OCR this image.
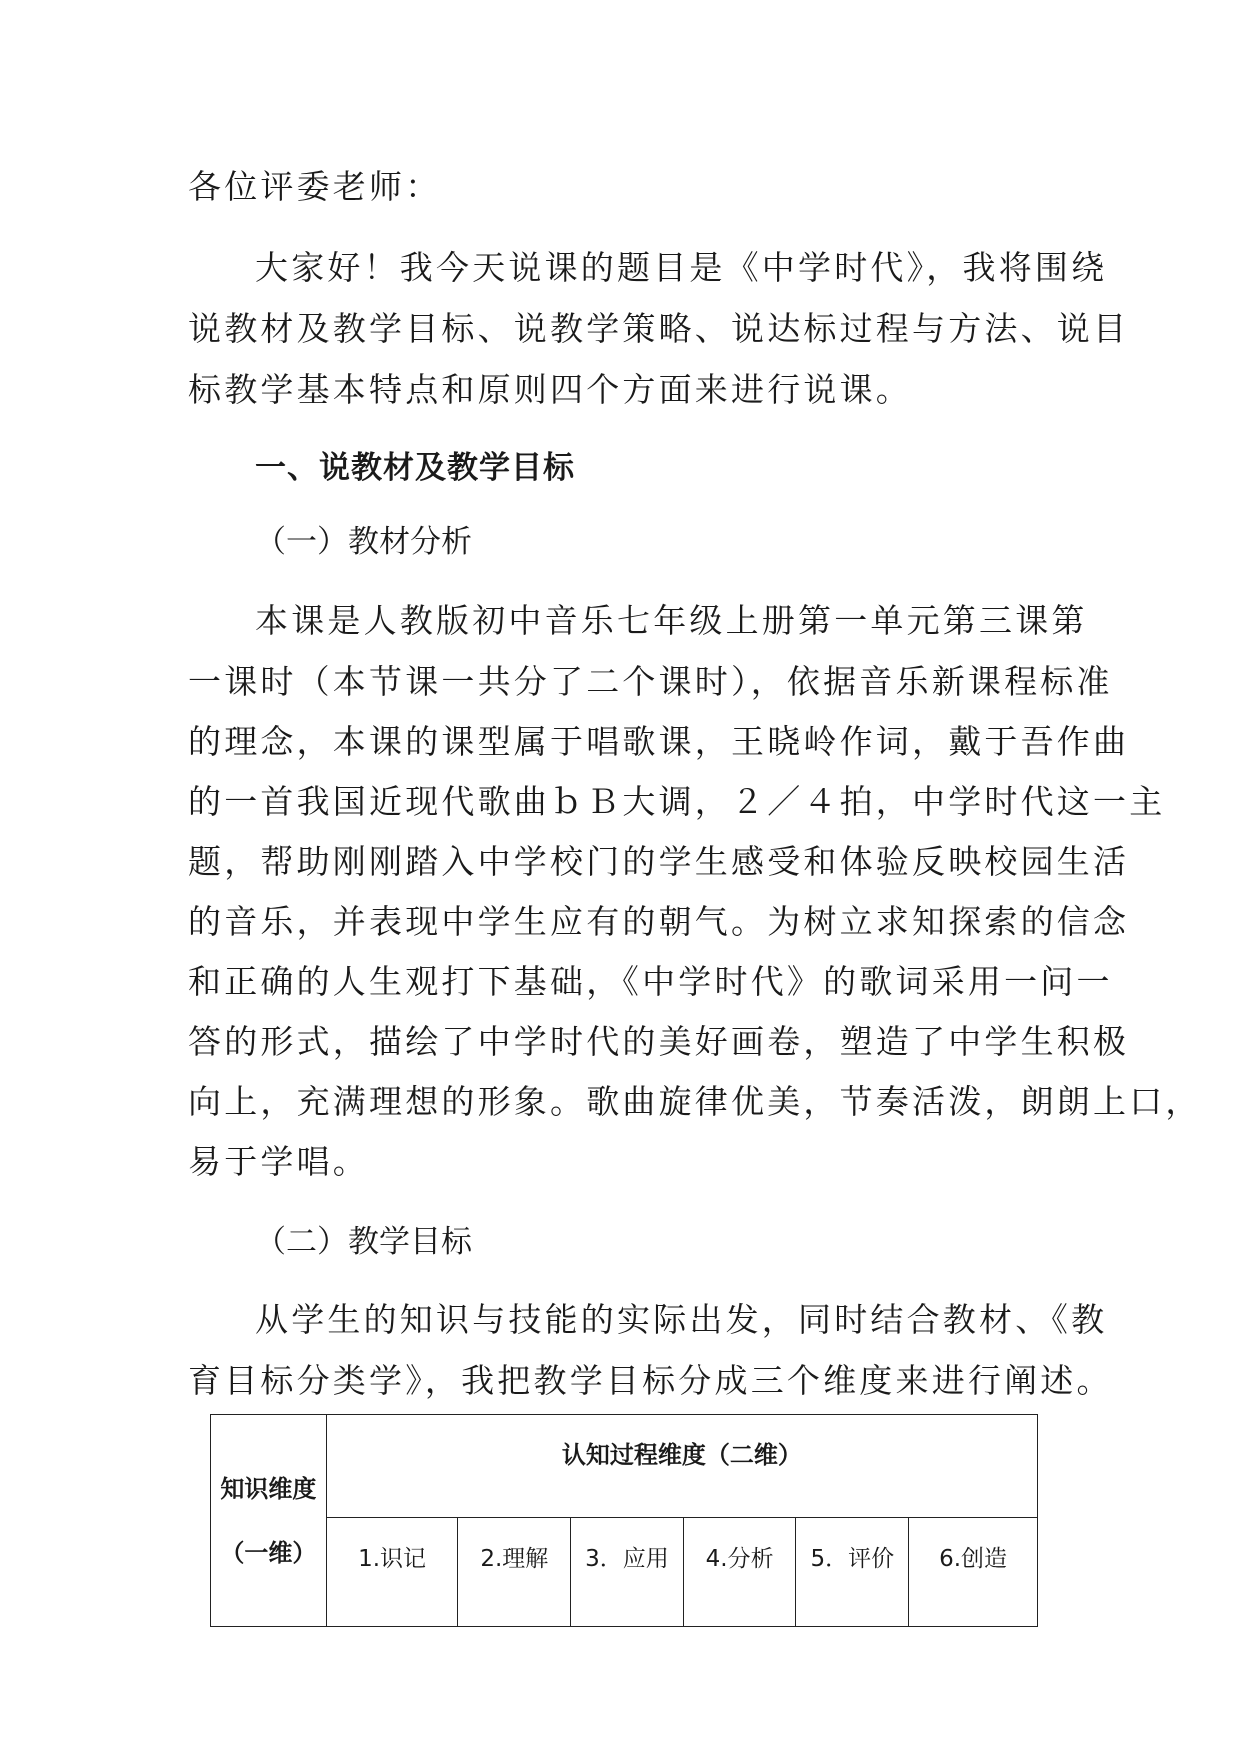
各位评委老师：
大家好！我今天说课的题目是《中学时代》，我将围绕
说教材及教学目标、说教学策略、说达标过程与方法、说目
标教学基本特点和原则四个方面来进行说课。
一、说教材及教学目标
（一）教材分析
本课是人教版初中音乐七年级上册第一单元第三课第
一课时（本节课一共分了二个课时），依据音乐新课程标准
的理念，本课的课型属于唱歌课，王晓岭作词，戴于吾作曲
的一首我国近现代歌曲ｂＢ大调，２／４拍，中学时代这一主
题，帮助刚刚踏入中学校门的学生感受和体验反映校园生活
的音乐，并表现中学生应有的朝气。为树立求知探索的信念
和正确的人生观打下基础，《中学时代》的歌词采用一问一
答的形式，描绘了中学时代的美好画卷，塑造了中学生积极
向上，充满理想的形象。歌曲旋律优美，节奏活泼，朗朗上口，
易于学唱。
（二）教学目标
从学生的知识与技能的实际出发，同时结合教材、《教
育目标分类学》，我把教学目标分成三个维度来进行阐述。
知识维度
（一维）	认知过程维度（二维）					
	1.识记	2.理解	3．应用	4.分析	5．评价	6.创造
